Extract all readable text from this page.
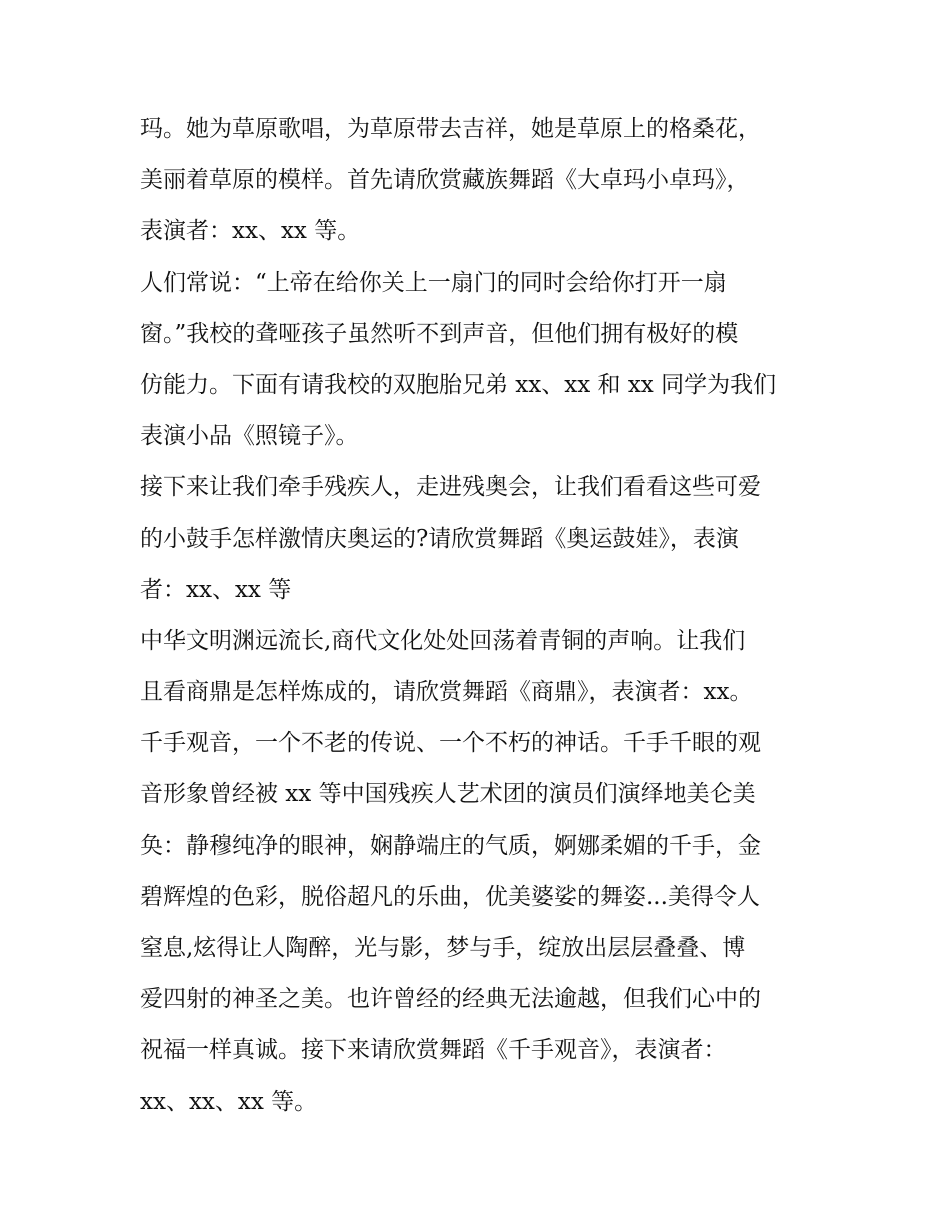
玛。她为草原歌唱，为草原带去吉祥，她是草原上的格桑花，
美丽着草原的模样。首先请欣赏藏族舞蹈《大卓玛小卓玛》，
表演者：xx、xx 等。
人们常说：“上帝在给你关上一扇门的同时会给你打开一扇
窗。”我校的聋哑孩子虽然听不到声音，但他们拥有极好的模
仿能力。下面有请我校的双胞胎兄弟 xx、xx 和 xx 同学为我们
表演小品《照镜子》。
接下来让我们牵手残疾人，走进残奥会，让我们看看这些可爱
的小鼓手怎样激情庆奥运的?请欣赏舞蹈《奥运鼓娃》，表演
者：xx、xx 等
中华文明渊远流长,商代文化处处回荡着青铜的声响。让我们
且看商鼎是怎样炼成的，请欣赏舞蹈《商鼎》，表演者：xx。
千手观音，一个不老的传说、一个不朽的神话。千手千眼的观
音形象曾经被 xx 等中国残疾人艺术团的演员们演绎地美仑美
奂：静穆纯净的眼神，娴静端庄的气质，婀娜柔媚的千手，金
碧辉煌的色彩，脱俗超凡的乐曲，优美婆娑的舞姿...美得令人
窒息,炫得让人陶醉，光与影，梦与手，绽放出层层叠叠、博
爱四射的神圣之美。也许曾经的经典无法逾越，但我们心中的
祝福一样真诚。接下来请欣赏舞蹈《千手观音》，表演者：
xx、xx、xx 等。
